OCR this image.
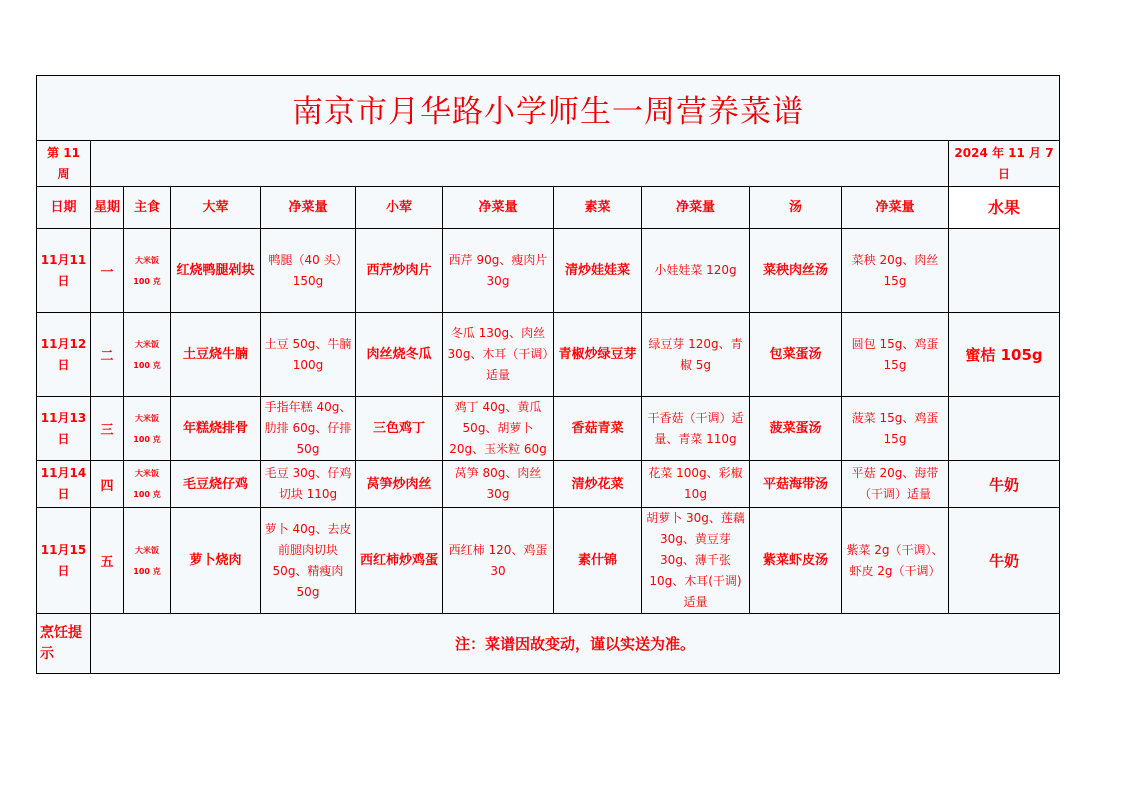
南京市月华路小学师生一周营养菜谱											
第 11 周											2024 年 11 月 7 日
日期	星期	主食	大荤	净菜量	小荤	净菜量	素菜	净菜量	汤	净菜量	水果
11月11日	一	大米饭 100 克	红烧鸭腿剁块	鸭腿（40 头）150g	西芹炒肉片	西芹 90g、瘦肉片 30g	清炒娃娃菜	小娃娃菜 120g	菜秧肉丝汤	菜秧 20g、肉丝 15g	
11月12日	二	大米饭 100 克	土豆烧牛腩	土豆 50g、牛腩 100g	肉丝烧冬瓜	冬瓜 130g、肉丝 30g、木耳（干调）适量	青椒炒绿豆芽	绿豆芽 120g、青椒 5g	包菜蛋汤	圆包 15g、鸡蛋 15g	蜜桔 105g
11月13日	三	大米饭 100 克	年糕烧排骨	手指年糕 40g、肋排 60g、仔排 50g	三色鸡丁	鸡丁 40g、黄瓜 50g、胡萝卜 20g、玉米粒 60g	香菇青菜	干香菇（干调）适量、青菜 110g	菠菜蛋汤	菠菜 15g、鸡蛋 15g	
11月14日	四	大米饭 100 克	毛豆烧仔鸡	毛豆 30g、仔鸡切块 110g	莴笋炒肉丝	莴笋 80g、肉丝 30g	清炒花菜	花菜 100g、彩椒 10g	平菇海带汤	平菇 20g、海带（干调）适量	牛奶
11月15日	五	大米饭 100 克	萝卜烧肉	萝卜 40g、去皮前腿肉切块 50g、精瘦肉 50g	西红柿炒鸡蛋	西红柿 120、鸡蛋 30	素什锦	胡萝卜 30g、莲藕 30g、黄豆芽 30g、薄千张 10g、木耳(干调)适量	紫菜虾皮汤	紫菜 2g（干调）、虾皮 2g（干调）	牛奶
烹饪提示	注：菜谱因故变动，谨以实送为准。										
